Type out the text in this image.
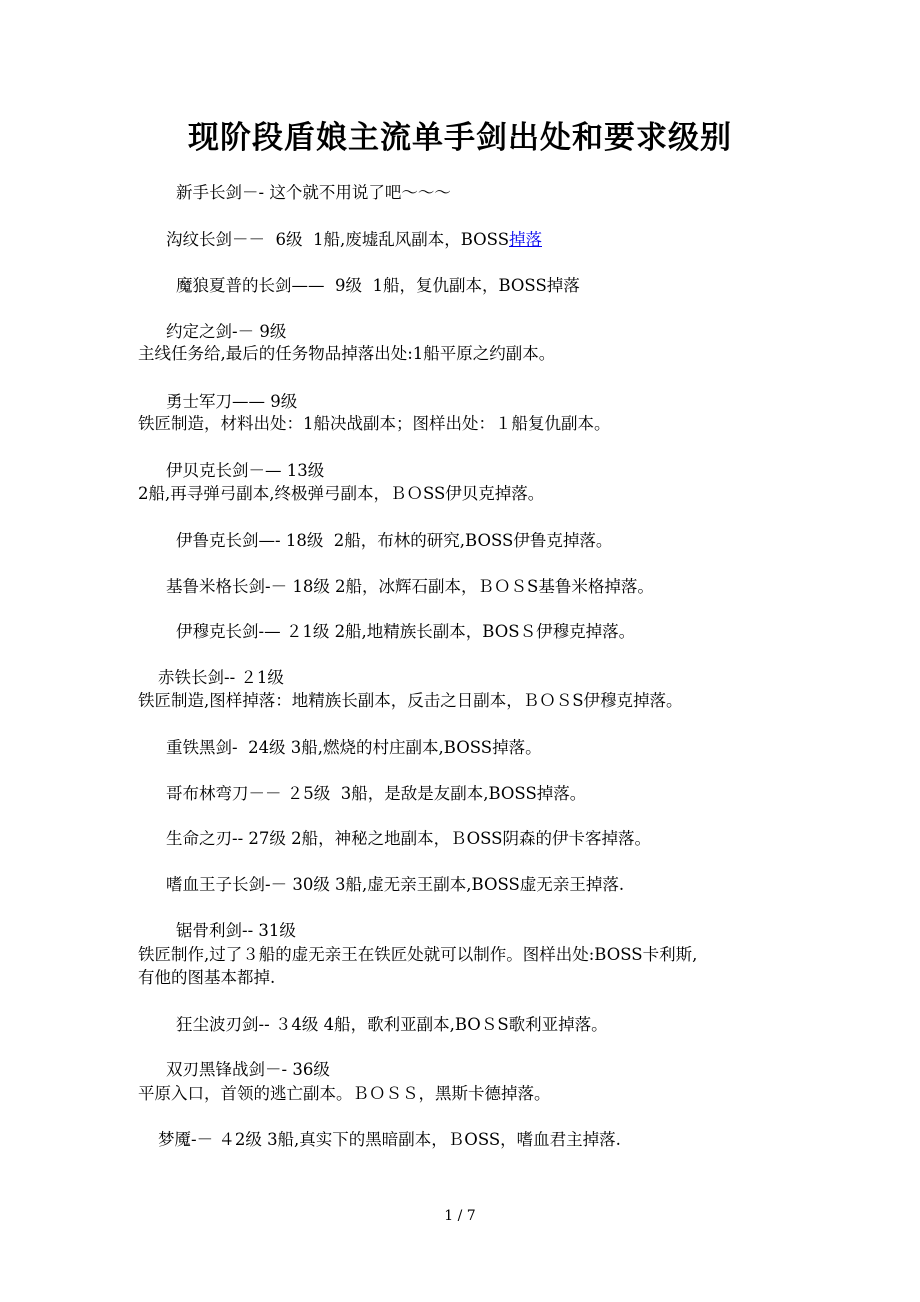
现阶段盾娘主流单手剑出处和要求级别
新手长剑－- 这个就不用说了吧～～～
沟纹长剑－－  6级  1船,废墟乱风副本，BOSS掉落
魔狼夏普的长剑——  9级  1船，复仇副本，BOSS掉落
约定之剑-－ 9级
主线任务给,最后的任务物品掉落出处:1船平原之约副本。
勇士军刀—— 9级
铁匠制造，材料出处：1船决战副本；图样出处：１船复仇副本。
伊贝克长剑－— 13级
2船,再寻弹弓副本,终极弹弓副本，ＢＯSS伊贝克掉落。
伊鲁克长剑—- 18级  2船，布林的研究,BOSS伊鲁克掉落。
基鲁米格长剑-－ 18级 2船，冰辉石副本，ＢＯＳS基鲁米格掉落。
伊穆克长剑-— ２1级 2船,地精族长副本，BOSＳ伊穆克掉落。
赤铁长剑-- ２1级
铁匠制造,图样掉落：地精族长副本，反击之日副本，ＢＯＳS伊穆克掉落。
重铁黑剑-  24级 3船,燃烧的村庄副本,BOSS掉落。
哥布林弯刀－－ ２5级  3船，是敌是友副本,BOSS掉落。
生命之刃-- 27级 2船，神秘之地副本，ＢOSS阴森的伊卡客掉落。
嗜血王子长剑-－ 30级 3船,虚无亲王副本,BOSS虚无亲王掉落.
锯骨利剑-- 31级
铁匠制作,过了３船的虚无亲王在铁匠处就可以制作。图样出处:BOSS卡利斯,
有他的图基本都掉.
狂尘波刃剑-- ３4级 4船，歌利亚副本,BOＳS歌利亚掉落。
双刃黑锋战剑－- 36级
平原入口，首领的逃亡副本。ＢＯＳＳ，黑斯卡德掉落。
梦魇-－ ４2级 3船,真实下的黑暗副本，ＢOSS，嗜血君主掉落.
1 / 7
